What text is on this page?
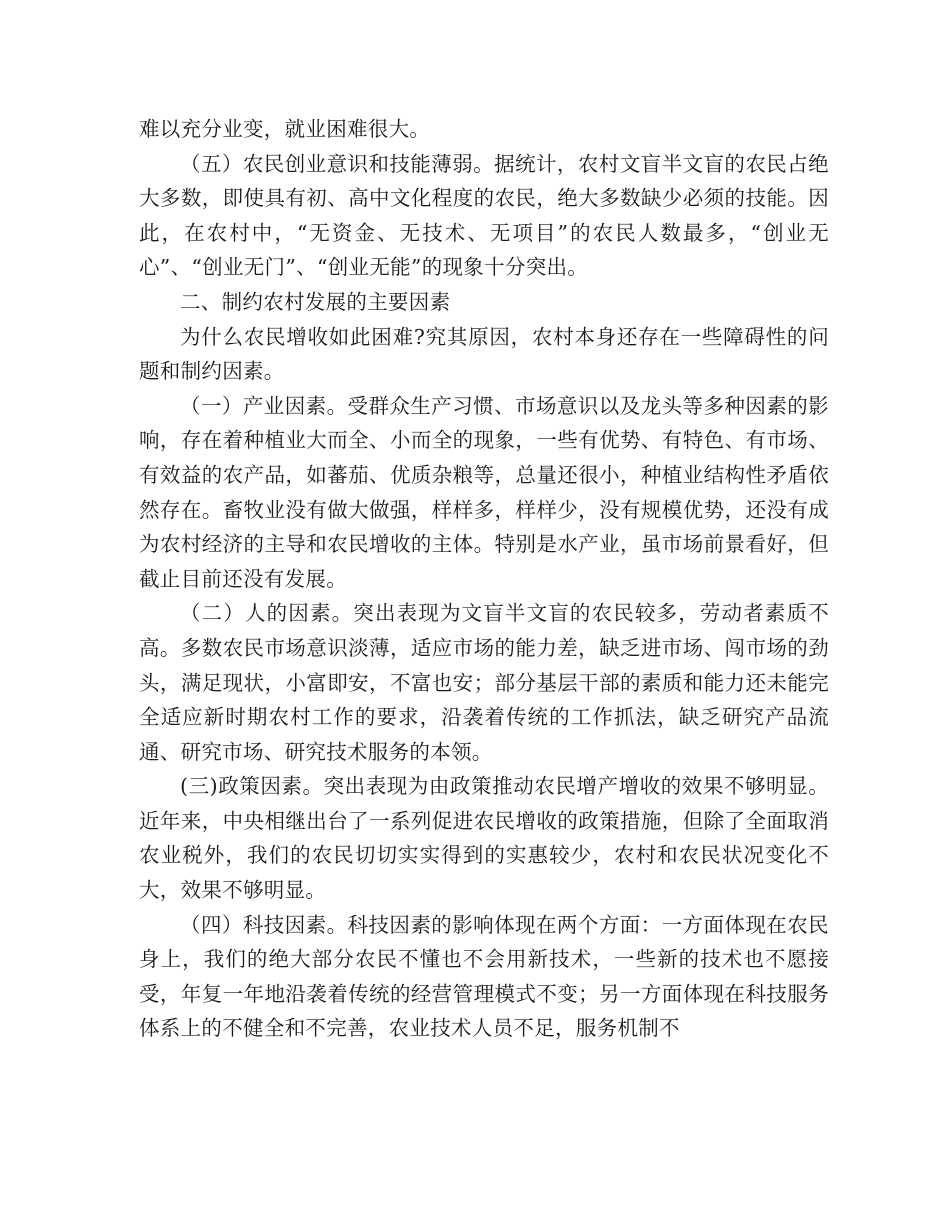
难以充分业变，就业困难很大。

（五）农民创业意识和技能薄弱。据统计，农村文盲半文盲的农民占绝大多数，即使具有初、高中文化程度的农民，绝大多数缺少必须的技能。因此，在农村中，“无资金、无技术、无项目”的农民人数最多，“创业无心”、“创业无门”、“创业无能”的现象十分突出。

二、制约农村发展的主要因素

为什么农民增收如此困难?究其原因，农村本身还存在一些障碍性的问题和制约因素。

（一）产业因素。受群众生产习惯、市场意识以及龙头等多种因素的影响，存在着种植业大而全、小而全的现象，一些有优势、有特色、有市场、有效益的农产品，如蕃茄、优质杂粮等，总量还很小，种植业结构性矛盾依然存在。畜牧业没有做大做强，样样多，样样少，没有规模优势，还没有成为农村经济的主导和农民增收的主体。特别是水产业，虽市场前景看好，但截止目前还没有发展。

（二）人的因素。突出表现为文盲半文盲的农民较多，劳动者素质不高。多数农民市场意识淡薄，适应市场的能力差，缺乏进市场、闯市场的劲头，满足现状，小富即安，不富也安；部分基层干部的素质和能力还未能完全适应新时期农村工作的要求，沿袭着传统的工作抓法，缺乏研究产品流通、研究市场、研究技术服务的本领。

(三)政策因素。突出表现为由政策推动农民增产增收的效果不够明显。近年来，中央相继出台了一系列促进农民增收的政策措施，但除了全面取消农业税外，我们的农民切切实实得到的实惠较少，农村和农民状况变化不大，效果不够明显。

（四）科技因素。科技因素的影响体现在两个方面：一方面体现在农民身上，我们的绝大部分农民不懂也不会用新技术，一些新的技术也不愿接受，年复一年地沿袭着传统的经营管理模式不变；另一方面体现在科技服务体系上的不健全和不完善，农业技术人员不足，服务机制不
